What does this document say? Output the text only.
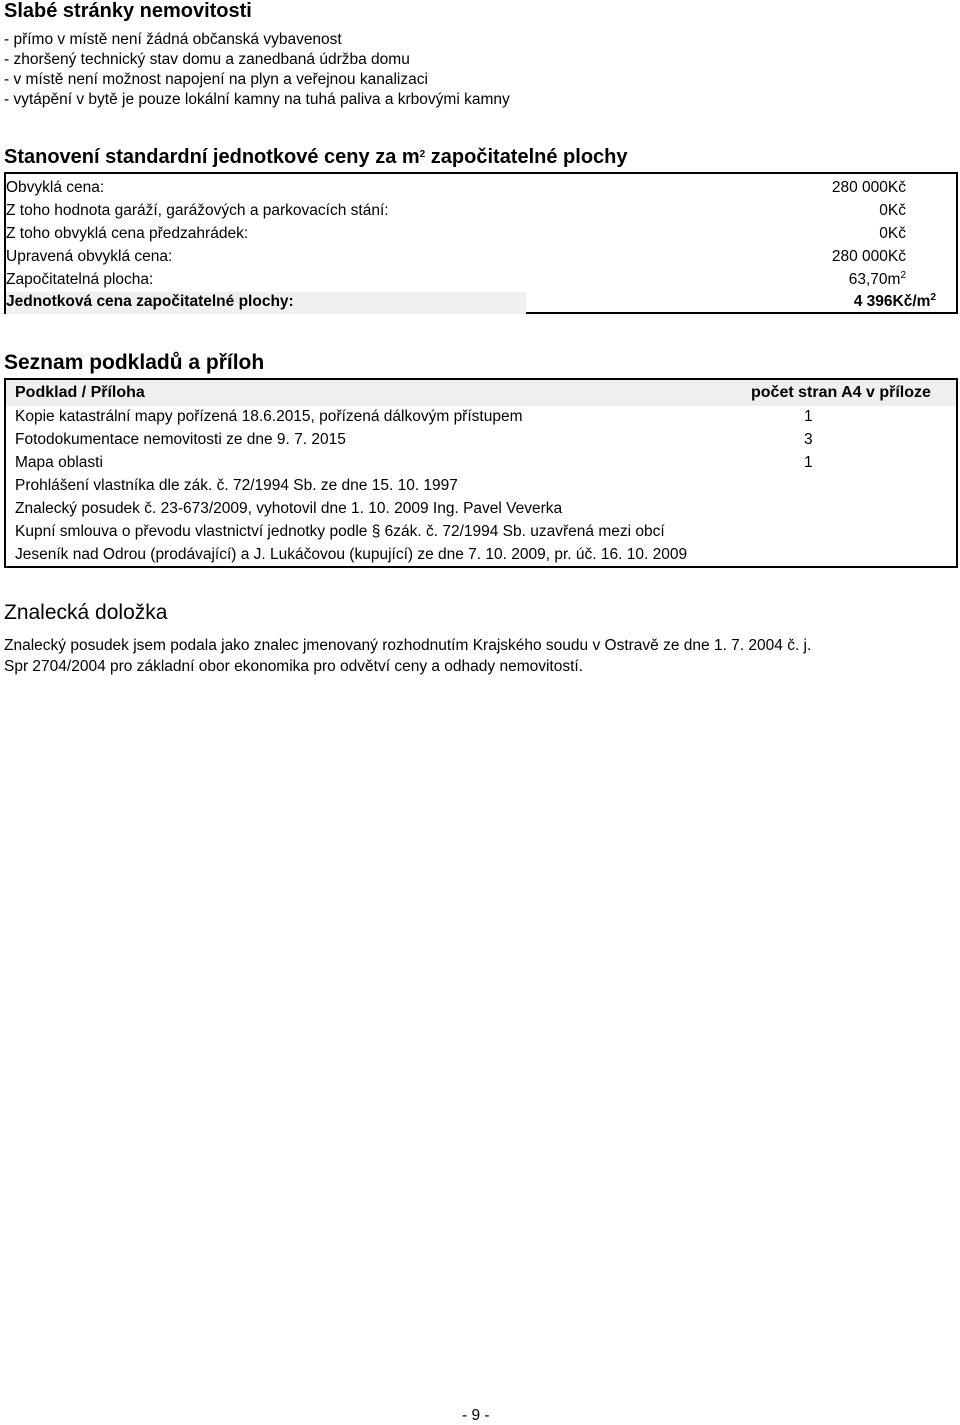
Slabé stránky nemovitosti
- přímo v místě není žádná občanská vybavenost
- zhoršený technický stav domu a zanedbaná údržba domu
- v místě není možnost napojení na plyn a veřejnou kanalizaci
- vytápění v bytě je pouze lokální kamny na tuhá paliva a krbovými kamny
Stanovení standardní jednotkové ceny za $m^2$ započitatelné plochy
Obvyklá cena:	280 000Kč
Z toho hodnota garáží, garážových a parkovacích stání:	0Kč
Z toho obvyklá cena předzahrádek:	0Kč
Upravená obvyklá cena:	280 000Kč
Započitatelná plocha:	$63,70m^2$
Jednotková cena započitatelné plochy:	4 $396Kč/m^2$
Seznam podkladů a příloh
Podklad / Příloha	počet stran A4 v příloze
Kopie katastrální mapy pořízená 18.6.2015, pořízená dálkovým přístupem	1
Fotodokumentace nemovitosti ze dne 9. 7. 2015	3
Mapa oblasti	1
Prohlášení vlastníka dle zák. č. 72/1994 Sb. ze dne 15. 10. 1997
Znalecký posudek č. 23-673/2009, vyhotovil dne 1. 10. 2009 Ing. Pavel Veverka
Kupní smlouva o převodu vlastnictví jednotky podle § 6zák. č. 72/1994 Sb. uzavřená mezi obcí
Jeseník nad Odrou (prodávající) a J. Lukáčovou (kupující) ze dne 7. 10. 2009, pr. úč. 16. 10. 2009
Znalecká doložka
Znalecký posudek jsem podala jako znalec jmenovaný rozhodnutím Krajského soudu v Ostravě ze dne 1. 7. 2004 č. j.
Spr 2704/2004 pro základní obor ekonomika pro odvětví ceny a odhady nemovitostí.
- 9 -
